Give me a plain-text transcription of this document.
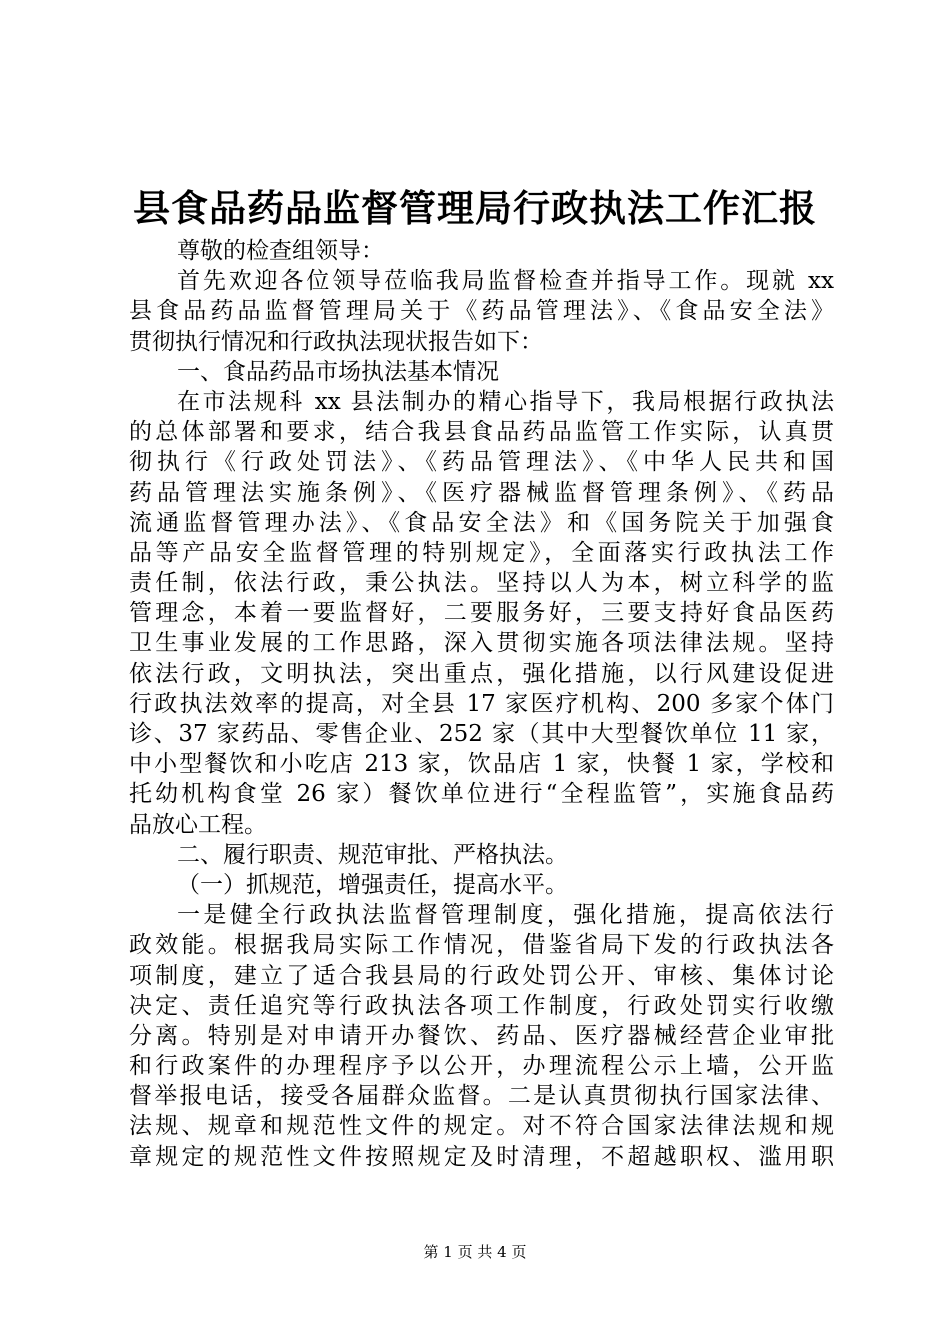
县食品药品监督管理局行政执法工作汇报
尊敬的检查组领导：
首先欢迎各位领导莅临我局监督检查并指导工作。现就 xx
县食品药品监督管理局关于《药品管理法》、《食品安全法》
贯彻执行情况和行政执法现状报告如下：
一、食品药品市场执法基本情况
在市法规科 xx 县法制办的精心指导下，我局根据行政执法
的总体部署和要求，结合我县食品药品监管工作实际，认真贯
彻执行《行政处罚法》、《药品管理法》、《中华人民共和国
药品管理法实施条例》、《医疗器械监督管理条例》、《药品
流通监督管理办法》、《食品安全法》和《国务院关于加强食
品等产品安全监督管理的特别规定》，全面落实行政执法工作
责任制，依法行政，秉公执法。坚持以人为本，树立科学的监
管理念，本着一要监督好，二要服务好，三要支持好食品医药
卫生事业发展的工作思路，深入贯彻实施各项法律法规。坚持
依法行政，文明执法，突出重点，强化措施，以行风建设促进
行政执法效率的提高，对全县 17 家医疗机构、200 多家个体门
诊、37 家药品、零售企业、252 家（其中大型餐饮单位 11 家，
中小型餐饮和小吃店 213 家，饮品店 1 家，快餐 1 家，学校和
托幼机构食堂 26 家）餐饮单位进行“全程监管”，实施食品药
品放心工程。
二、履行职责、规范审批、严格执法。
（一）抓规范，增强责任，提高水平。
一是健全行政执法监督管理制度，强化措施，提高依法行
政效能。根据我局实际工作情况，借鉴省局下发的行政执法各
项制度，建立了适合我县局的行政处罚公开、审核、集体讨论
决定、责任追究等行政执法各项工作制度，行政处罚实行收缴
分离。特别是对申请开办餐饮、药品、医疗器械经营企业审批
和行政案件的办理程序予以公开，办理流程公示上墙，公开监
督举报电话，接受各届群众监督。二是认真贯彻执行国家法律、
法规、规章和规范性文件的规定。对不符合国家法律法规和规
章规定的规范性文件按照规定及时清理，不超越职权、滥用职
第 1 页 共 4 页
